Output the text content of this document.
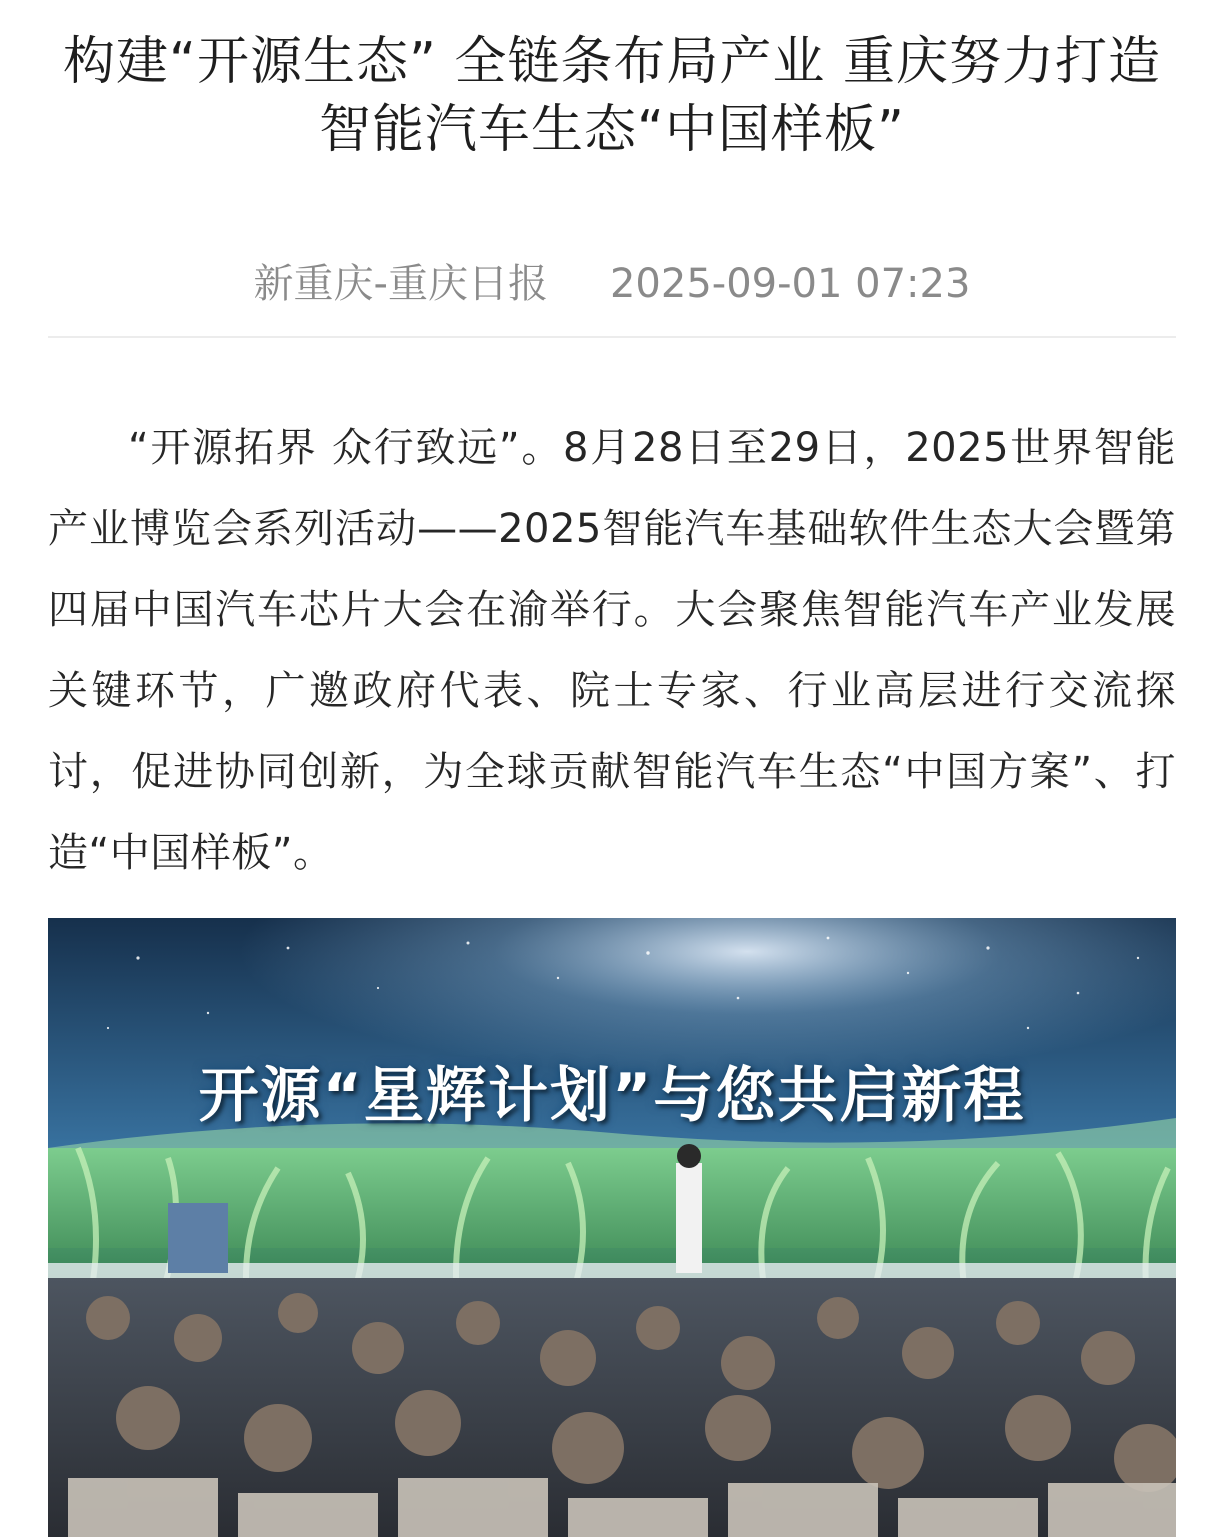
构建“开源生态” 全链条布局产业 重庆努力打造智能汽车生态“中国样板”
新重庆-重庆日报 2025-09-01 07:23

“开源拓界 众行致远”。8月28日至29日，2025世界智能产业博览会系列活动——2025智能汽车基础软件生态大会暨第四届中国汽车芯片大会在渝举行。大会聚焦智能汽车产业发展关键环节，广邀政府代表、院士专家、行业高层进行交流探讨，促进协同创新，为全球贡献智能汽车生态“中国方案”、打造“中国样板”。

开源“星辉计划”与您共启新程
